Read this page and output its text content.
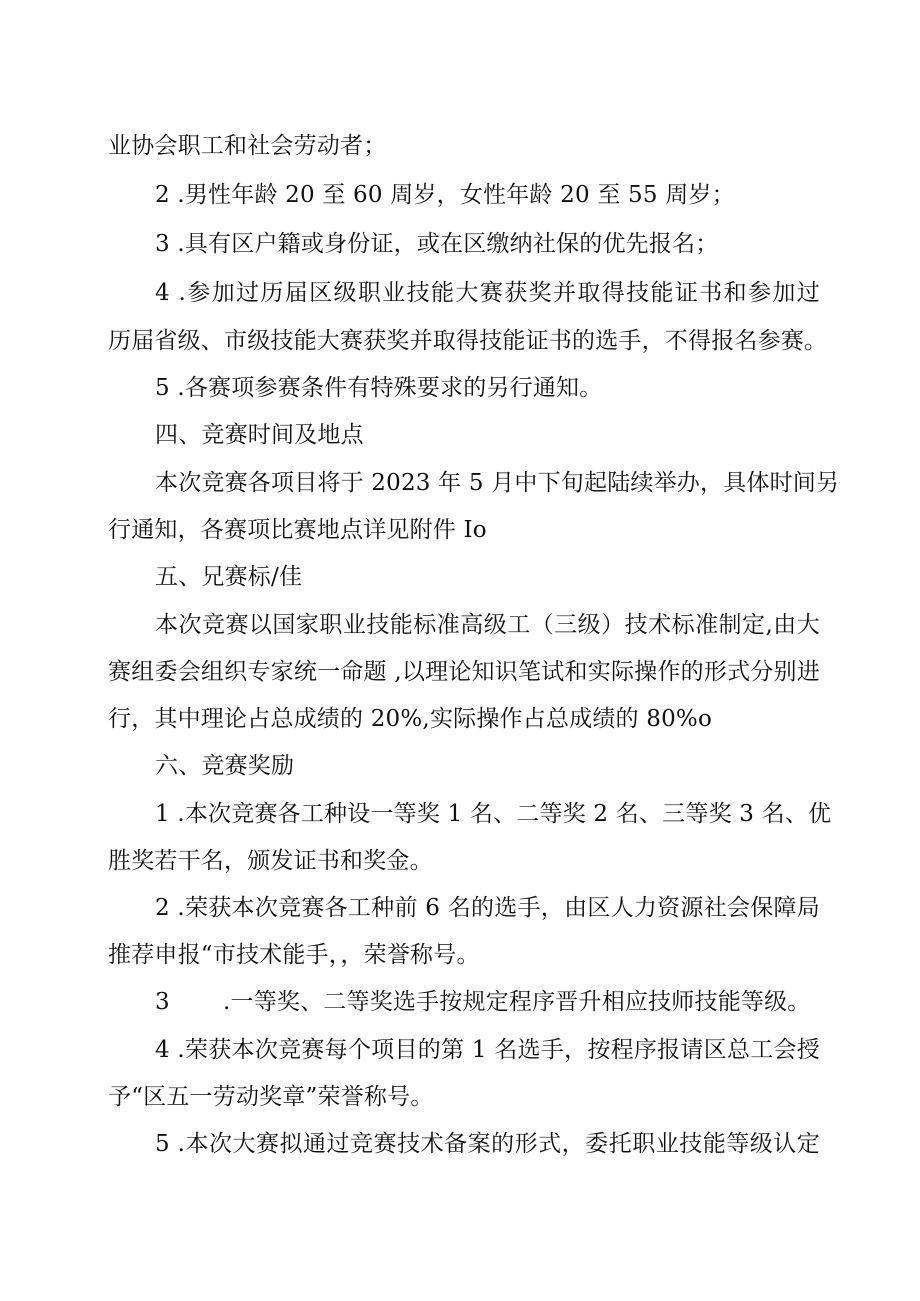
业协会职工和社会劳动者；
2 .男性年龄 20 至 60 周岁，女性年龄 20 至 55 周岁；
3 .具有区户籍或身份证，或在区缴纳社保的优先报名；
4 .参加过历届区级职业技能大赛获奖并取得技能证书和参加过
历届省级、市级技能大赛获奖并取得技能证书的选手，不得报名参赛。
5 .各赛项参赛条件有特殊要求的另行通知。
四、竞赛时间及地点
本次竞赛各项目将于 2023 年 5 月中下旬起陆续举办，具体时间另
行通知，各赛项比赛地点详见附件 Io
五、兄赛标/佳
本次竞赛以国家职业技能标准高级工（三级）技术标准制定,由大
赛组委会组织专家统一命题 ,以理论知识笔试和实际操作的形式分别进
行，其中理论占总成绩的 20%,实际操作占总成绩的 80%o
六、竞赛奖励
1 .本次竞赛各工种设一等奖 1 名、二等奖 2 名、三等奖 3 名、优
胜奖若干名，颁发证书和奖金。
2 .荣获本次竞赛各工种前 6 名的选手，由区人力资源社会保障局
推荐申报“市技术能手，，荣誉称号。
3 .一等奖、二等奖选手按规定程序晋升相应技师技能等级。
4 .荣获本次竞赛每个项目的第 1 名选手，按程序报请区总工会授
予“区五一劳动奖章”荣誉称号。
5 .本次大赛拟通过竞赛技术备案的形式，委托职业技能等级认定
